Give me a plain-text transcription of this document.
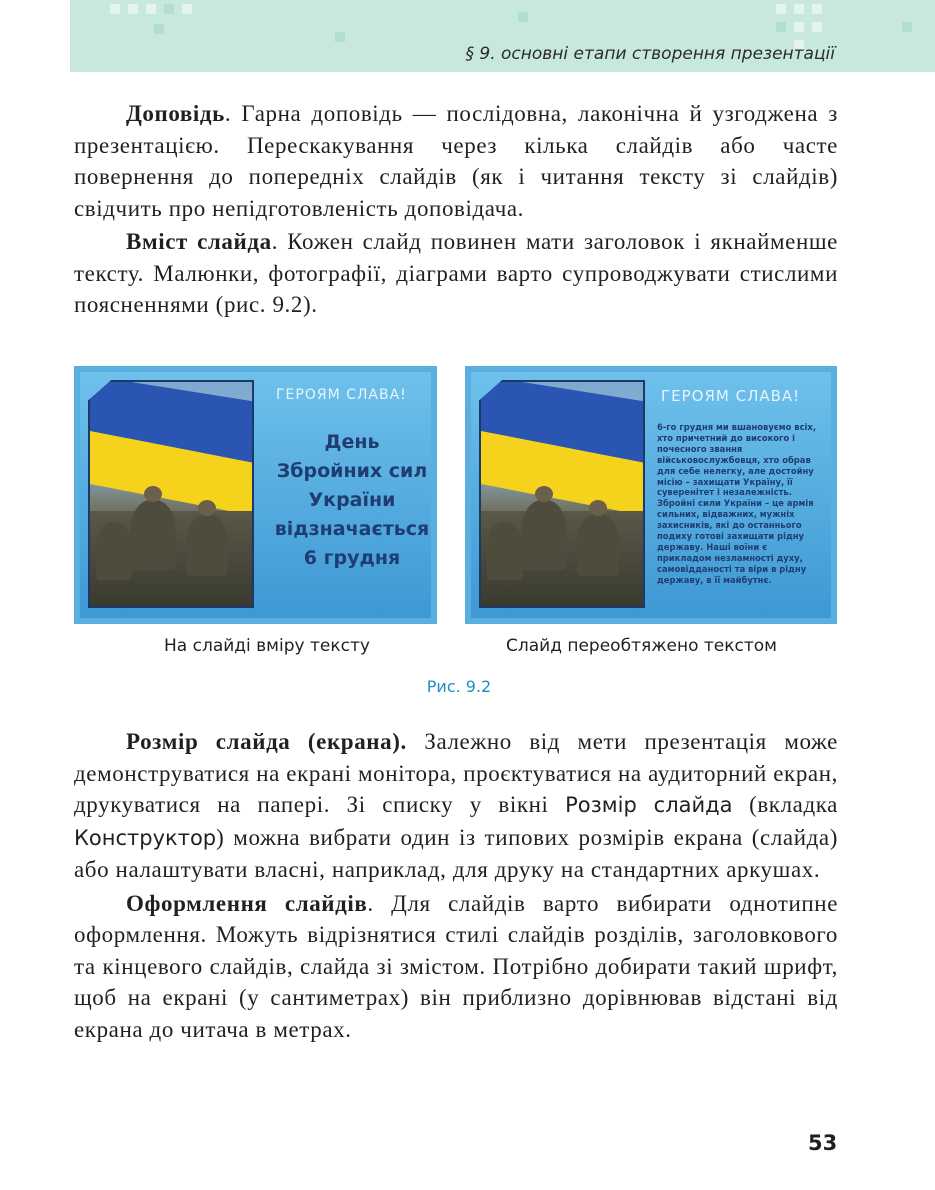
§ 9. основні етапи створення презентації

Доповідь. Гарна доповідь — послідовна, лаконічна й узгоджена з презентацією. Перескакування через кілька слайдів або часте повернення до попередніх слайдів (як і читання тексту зі слайдів) свідчить про непідготовленість доповідача.

Вміст слайда. Кожен слайд повинен мати заголовок і якнайменше тексту. Малюнки, фотографії, діаграми варто супроводжувати стислими поясненнями (рис. 9.2).

ГЕРОЯМ СЛАВА!
День Збройних сил України відзначається 6 грудня
ГЕРОЯМ СЛАВА!
6-го грудня ми вшановуємо всіх, хто причетний до високого і почесного звання військовослужбовця, хто обрав для себе нелегку, але достойну місію – захищати Україну, її суверенітет і незалежність. Збройні сили України – це армія сильних, відважних, мужніх захисників, які до останнього подиху готові захищати рідну державу. Наші воїни є прикладом незламності духу, самовідданості та віри в рідну державу, в її майбутнє.
На слайді вміру тексту	Слайд переобтяжено текстом
Рис. 9.2

Розмір слайда (екрана). Залежно від мети презентація може демонструватися на екрані монітора, проєктуватися на аудиторний екран, друкуватися на папері. Зі списку у вікні Розмір слайда (вкладка Конструктор) можна вибрати один із типових розмірів екрана (слайда) або налаштувати власні, наприклад, для друку на стандартних аркушах.

Оформлення слайдів. Для слайдів варто вибирати однотипне оформлення. Можуть відрізнятися стилі слайдів розділів, заголовкового та кінцевого слайдів, слайда зі змістом. Потрібно добирати такий шрифт, щоб на екрані (у сантиметрах) він приблизно дорівнював відстані від екрана до читача в метрах.

53
